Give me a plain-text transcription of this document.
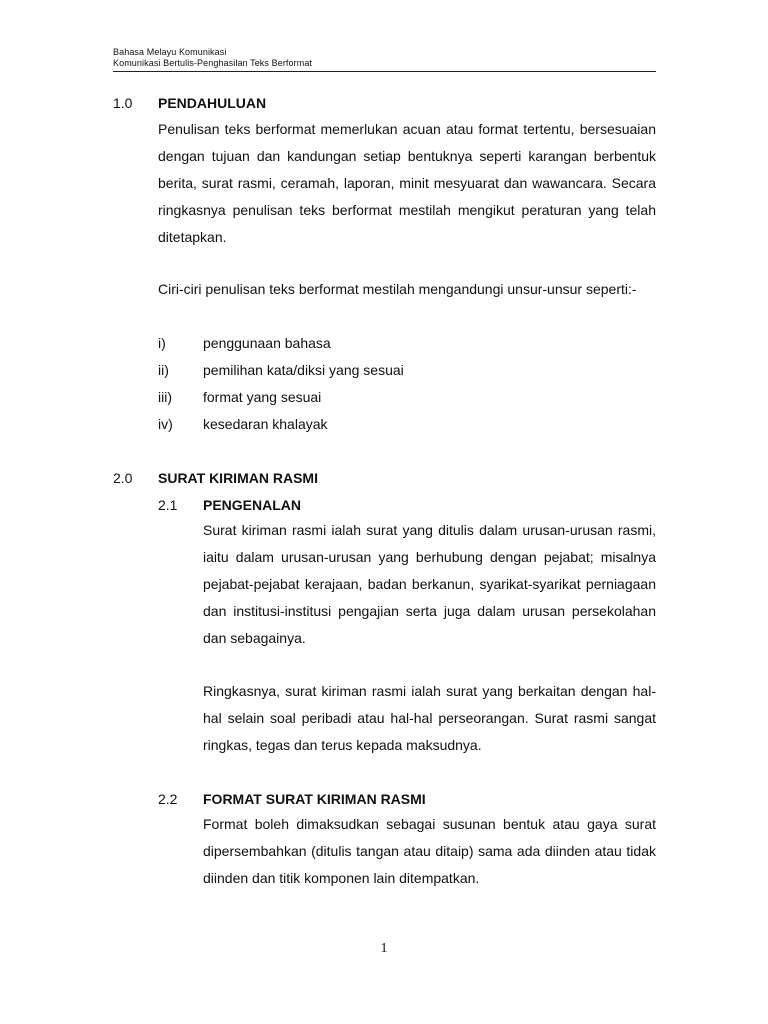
Bahasa Melayu Komunikasi
Komunikasi Bertulis-Penghasilan Teks Berformat
1.0 PENDAHULUAN
Penulisan teks berformat memerlukan acuan atau format tertentu, bersesuaian dengan tujuan dan kandungan setiap bentuknya seperti karangan berbentuk berita, surat rasmi, ceramah, laporan, minit mesyuarat dan wawancara. Secara ringkasnya penulisan teks berformat mestilah mengikut peraturan yang telah ditetapkan.
Ciri-ciri penulisan teks berformat mestilah mengandungi unsur-unsur seperti:-
i)	penggunaan bahasa
ii) pemilihan kata/diksi yang sesuai
iii) format yang sesuai
iv) kesedaran khalayak
2.0 SURAT KIRIMAN RASMI
2.1 PENGENALAN
Surat kiriman rasmi ialah surat yang ditulis dalam urusan-urusan rasmi, iaitu dalam urusan-urusan yang berhubung dengan pejabat; misalnya pejabat-pejabat kerajaan, badan berkanun, syarikat-syarikat perniagaan dan institusi-institusi pengajian serta juga dalam urusan persekolahan dan sebagainya.
Ringkasnya, surat kiriman rasmi ialah surat yang berkaitan dengan hal-hal selain soal peribadi atau hal-hal perseorangan. Surat rasmi sangat ringkas, tegas dan terus kepada maksudnya.
2.2 FORMAT SURAT KIRIMAN RASMI
Format boleh dimaksudkan sebagai susunan bentuk atau gaya surat dipersembahkan (ditulis tangan atau ditaip) sama ada diinden atau tidak diinden dan titik komponen lain ditempatkan.
1
